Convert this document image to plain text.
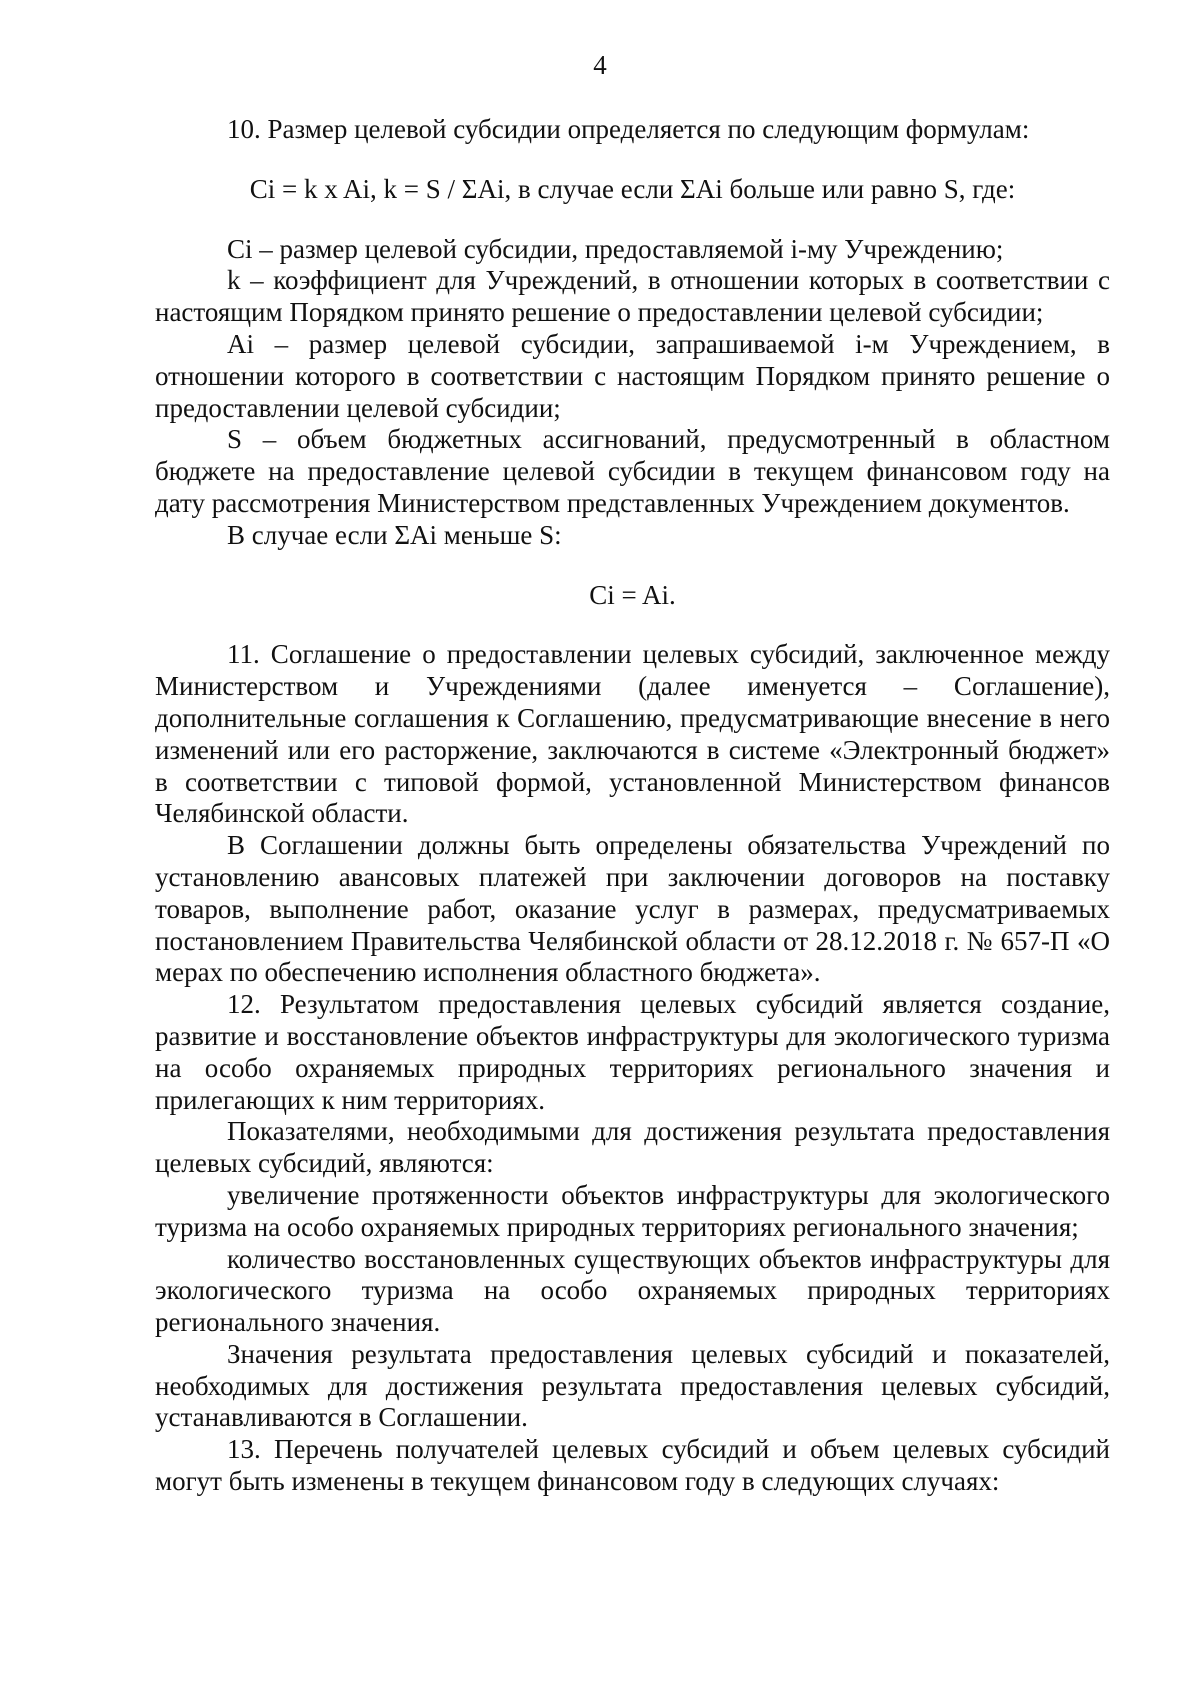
4

10. Размер целевой субсидии определяется по следующим формулам:

Ci = k x Ai, k = S / ΣAi, в случае если ΣAi больше или равно S, где:

Ci – размер целевой субсидии, предоставляемой i-му Учреждению;

k – коэффициент для Учреждений, в отношении которых в соответствии с настоящим Порядком принято решение о предоставлении целевой субсидии;

Ai – размер целевой субсидии, запрашиваемой i-м Учреждением, в отношении которого в соответствии с настоящим Порядком принято решение о предоставлении целевой субсидии;

S – объем бюджетных ассигнований, предусмотренный в областном бюджете на предоставление целевой субсидии в текущем финансовом году на дату рассмотрения Министерством представленных Учреждением документов.

В случае если ΣAi меньше S:

Ci = Ai.

11. Соглашение о предоставлении целевых субсидий, заключенное между Министерством и Учреждениями (далее именуется – Соглашение), дополнительные соглашения к Соглашению, предусматривающие внесение в него изменений или его расторжение, заключаются в системе «Электронный бюджет» в соответствии с типовой формой, установленной Министерством финансов Челябинской области.

В Соглашении должны быть определены обязательства Учреждений по установлению авансовых платежей при заключении договоров на поставку товаров, выполнение работ, оказание услуг в размерах, предусматриваемых постановлением Правительства Челябинской области от 28.12.2018 г. № 657-П «О мерах по обеспечению исполнения областного бюджета».

12. Результатом предоставления целевых субсидий является создание, развитие и восстановление объектов инфраструктуры для экологического туризма на особо охраняемых природных территориях регионального значения и прилегающих к ним территориях.

Показателями, необходимыми для достижения результата предоставления целевых субсидий, являются:

увеличение протяженности объектов инфраструктуры для экологического туризма на особо охраняемых природных территориях регионального значения;

количество восстановленных существующих объектов инфраструктуры для экологического туризма на особо охраняемых природных территориях регионального значения.

Значения результата предоставления целевых субсидий и показателей, необходимых для достижения результата предоставления целевых субсидий, устанавливаются в Соглашении.

13. Перечень получателей целевых субсидий и объем целевых субсидий могут быть изменены в текущем финансовом году в следующих случаях:
